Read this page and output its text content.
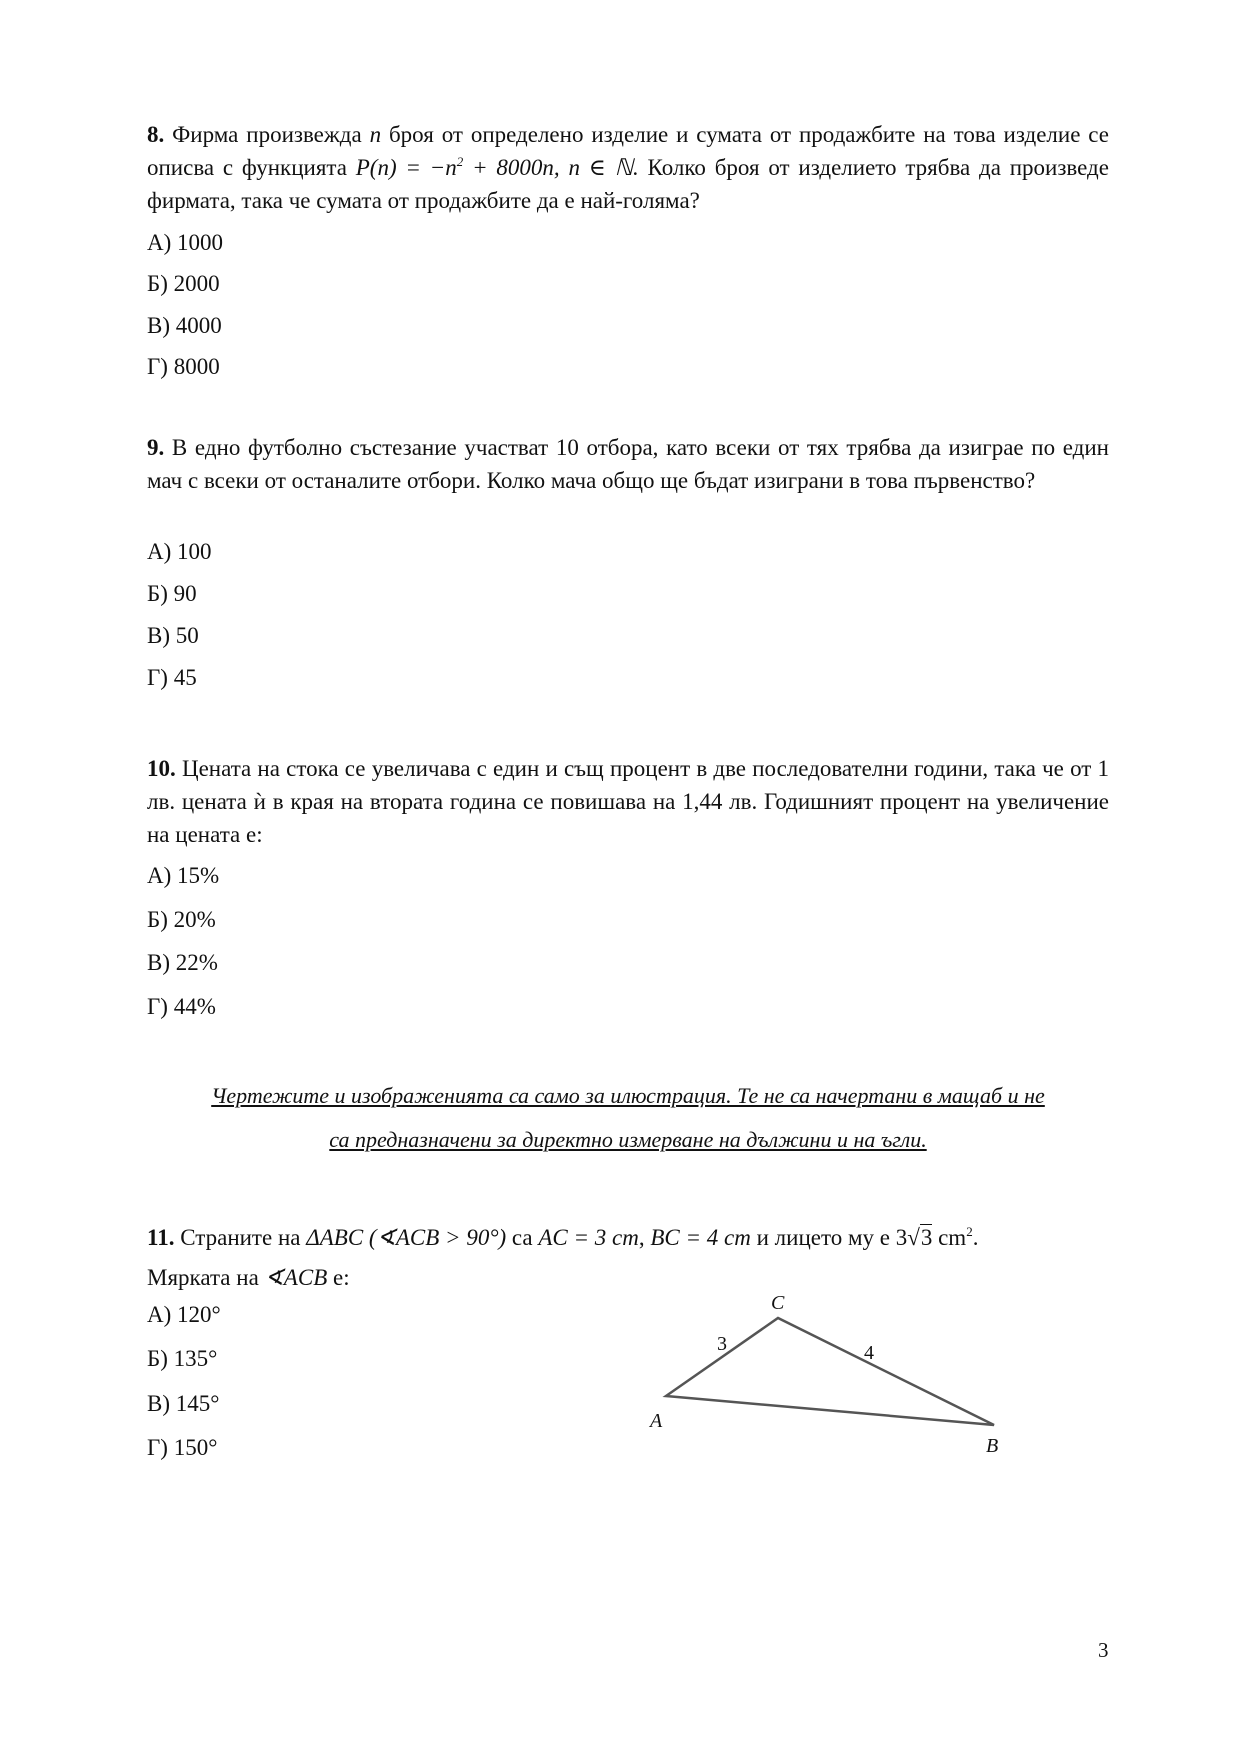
8. Фирма произвежда n броя от определено изделие и сумата от продажбите на това изделие се описва с функцията $P(n) = -n^2 + 8000n$, n ∈ ℕ. Колко броя от изделието трябва да произведе фирмата, така че сумата от продажбите да е най-голяма?
А) 1000
Б) 2000
В) 4000
Г) 8000
9. В едно футболно състезание участват 10 отбора, като всеки от тях трябва да изиграе по един мач с всеки от останалите отбори. Колко мача общо ще бъдат изиграни в това първенство?
А) 100
Б) 90
В) 50
Г) 45
10. Цената на стока се увеличава с един и същ процент в две последователни години, така че от 1 лв. цената ѝ в края на втората година се повишава на 1,44 лв. Годишният процент на увеличение на цената е:
А) 15%
Б) 20%
В) 22%
Г) 44%
Чертежите и изображенията са само за илюстрация. Те не са начертани в мащаб и не
са предназначени за директно измерване на дължини и на ъгли.
11. Страните на ΔABC (∢ACB > 90°) са AC = 3 cm, BC = 4 cm и лицето му е 3√3 $cm^2$.
Мярката на ∢ACB е:
А) 120°
Б) 135°
В) 145°
Г) 150°
A
C
B
3	4
3
